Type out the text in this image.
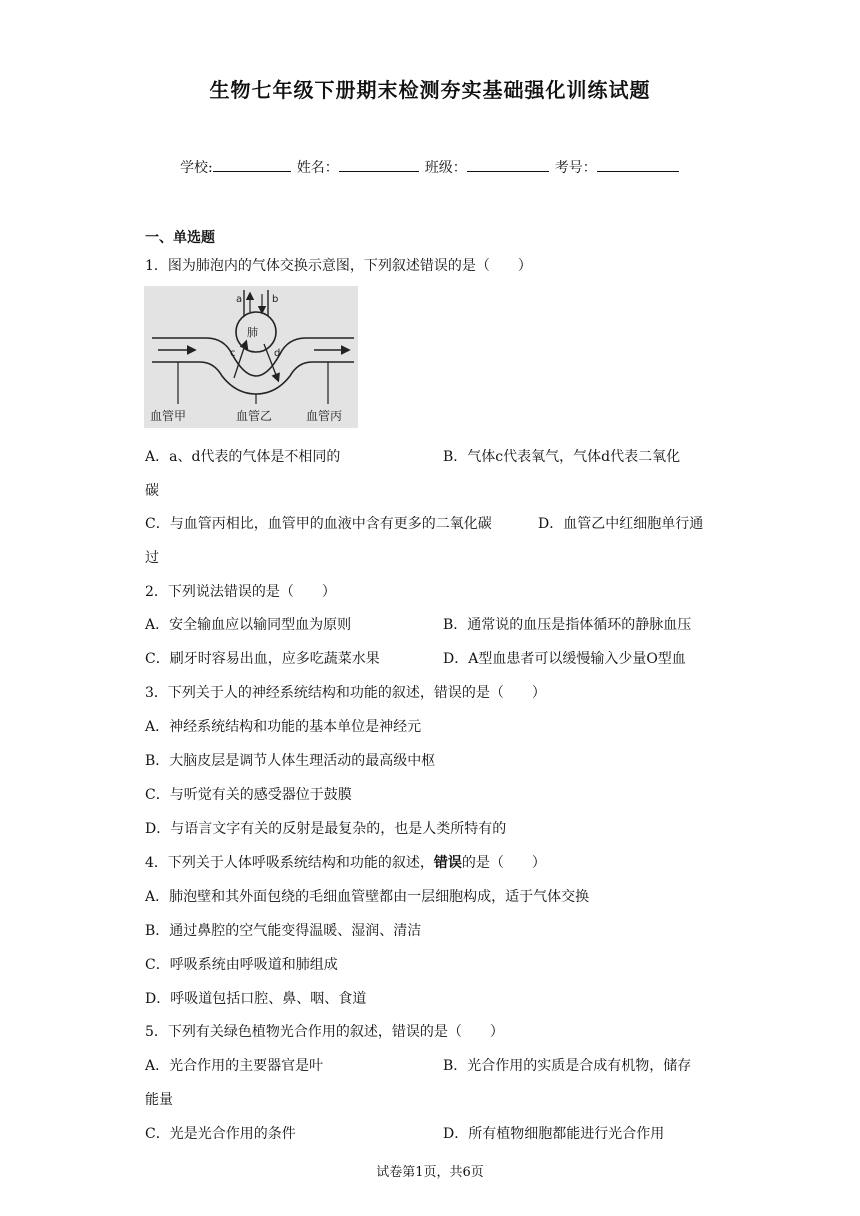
生物七年级下册期末检测夯实基础强化训练试题
学校:	姓名：	班级：	考号：
一、单选题
1．图为肺泡内的气体交换示意图，下列叙述错误的是（　　）
a	b
肺
c	d
血管甲	血管乙	血管丙
A．a、d代表的气体是不相同的	B．气体c代表氧气，气体d代表二氧化
碳
C．与血管丙相比，血管甲的血液中含有更多的二氧化碳	D．血管乙中红细胞单行通
过
2．下列说法错误的是（　　）
A．安全输血应以输同型血为原则	B．通常说的血压是指体循环的静脉血压
C．刷牙时容易出血，应多吃蔬菜水果	D．A型血患者可以缓慢输入少量O型血
3．下列关于人的神经系统结构和功能的叙述，错误的是（　　）
A．神经系统结构和功能的基本单位是神经元
B．大脑皮层是调节人体生理活动的最高级中枢
C．与听觉有关的感受器位于鼓膜
D．与语言文字有关的反射是最复杂的，也是人类所特有的
4．下列关于人体呼吸系统结构和功能的叙述，错误的是（　　）
A．肺泡壁和其外面包绕的毛细血管壁都由一层细胞构成，适于气体交换
B．通过鼻腔的空气能变得温暖、湿润、清洁
C．呼吸系统由呼吸道和肺组成
D．呼吸道包括口腔、鼻、咽、食道
5．下列有关绿色植物光合作用的叙述，错误的是（　　）
A．光合作用的主要器官是叶	B．光合作用的实质是合成有机物，储存
能量
C．光是光合作用的条件	D．所有植物细胞都能进行光合作用
试卷第1页，共6页
